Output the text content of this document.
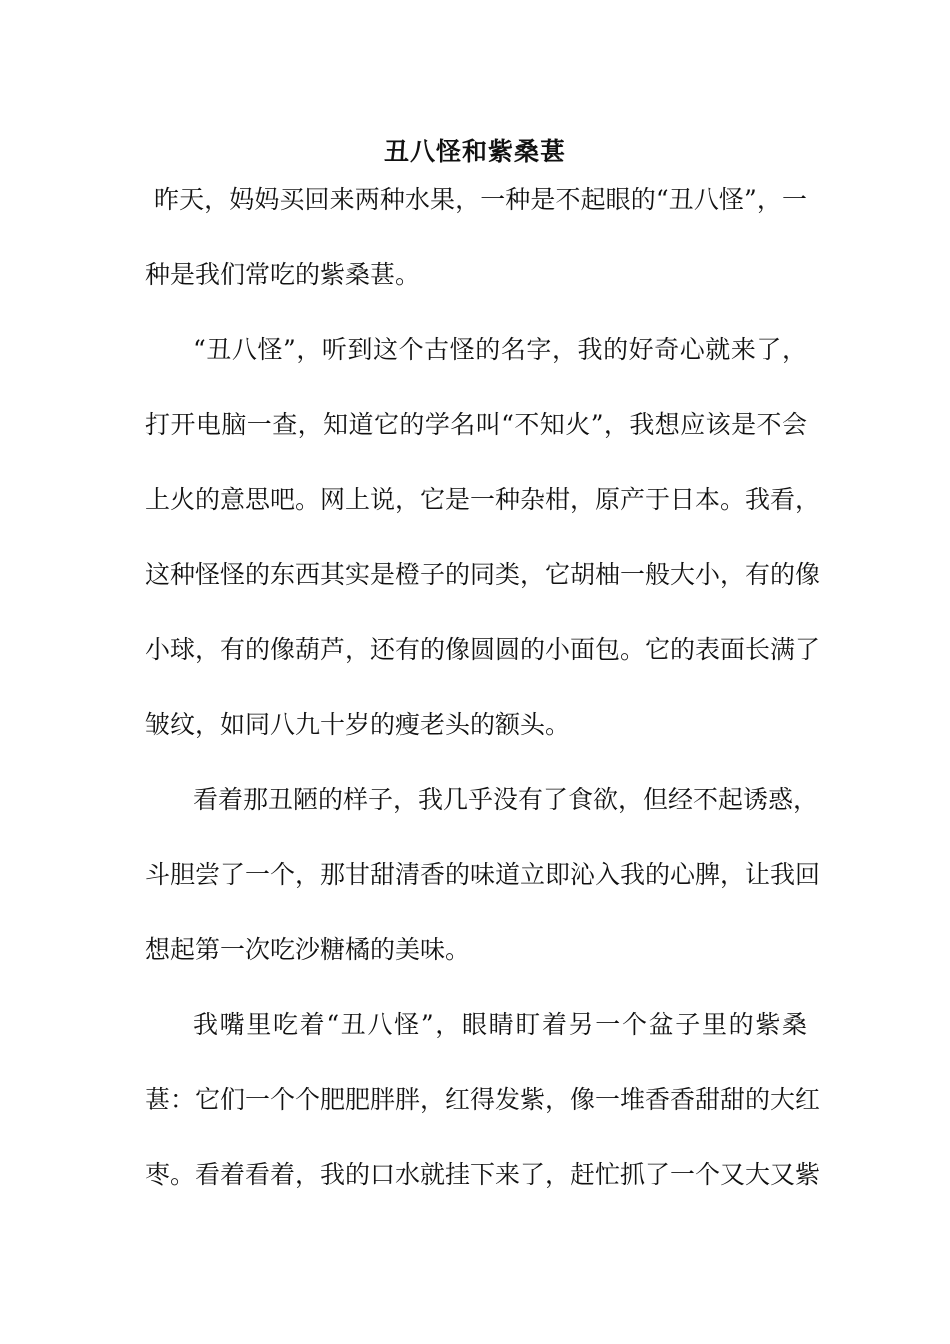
丑八怪和紫桑葚
昨天，妈妈买回来两种水果，一种是不起眼的“丑八怪”，一
种是我们常吃的紫桑葚。
“丑八怪”，听到这个古怪的名字，我的好奇心就来了，
打开电脑一查，知道它的学名叫“不知火”，我想应该是不会
上火的意思吧。网上说，它是一种杂柑，原产于日本。我看，
这种怪怪的东西其实是橙子的同类，它胡柚一般大小，有的像
小球，有的像葫芦，还有的像圆圆的小面包。它的表面长满了
皱纹，如同八九十岁的瘦老头的额头。
看着那丑陋的样子，我几乎没有了食欲，但经不起诱惑，
斗胆尝了一个，那甘甜清香的味道立即沁入我的心脾，让我回
想起第一次吃沙糖橘的美味。
我嘴里吃着“丑八怪”，眼睛盯着另一个盆子里的紫桑
葚：它们一个个肥肥胖胖，红得发紫，像一堆香香甜甜的大红
枣。看着看着，我的口水就挂下来了，赶忙抓了一个又大又紫
